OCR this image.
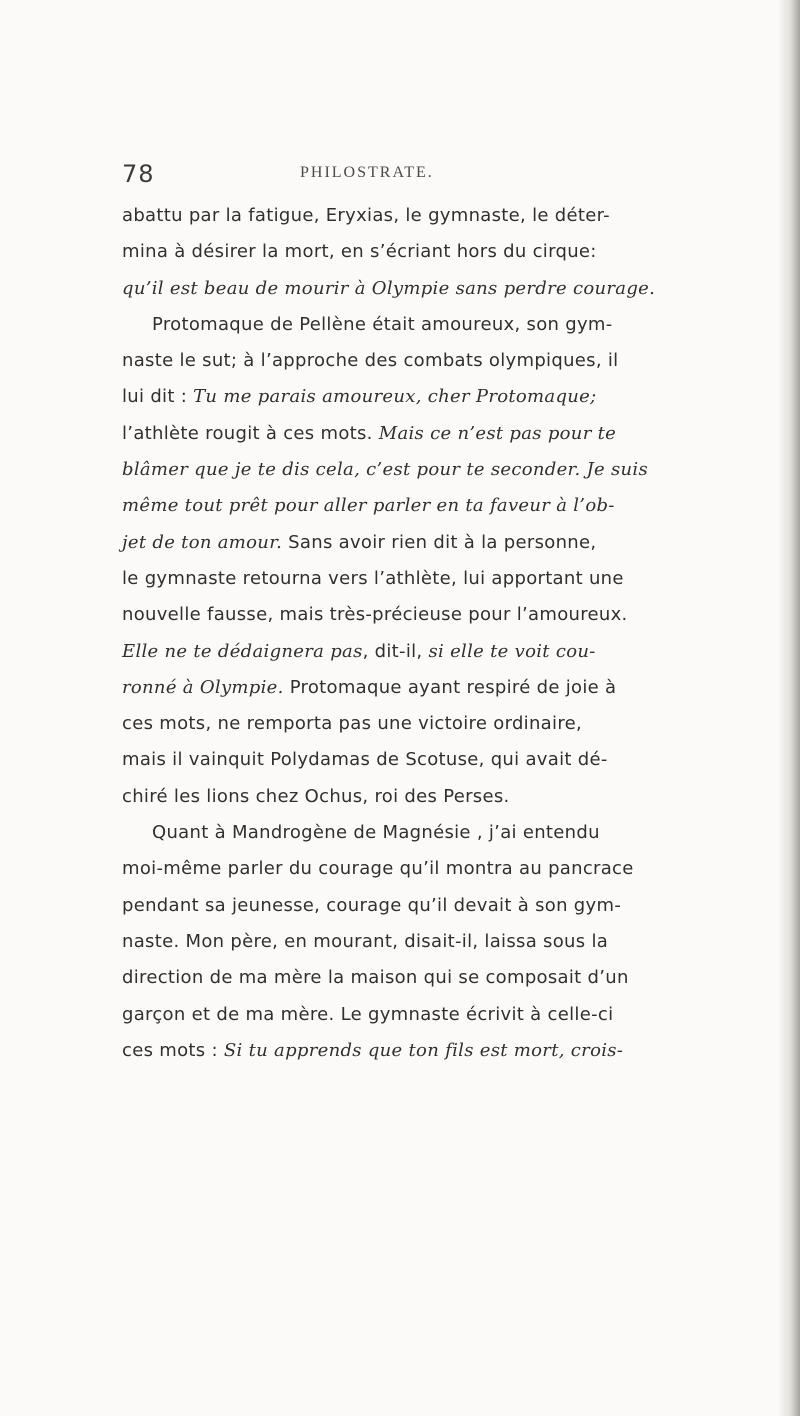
78	PHILOSTRATE.

abattu par la fatigue, Eryxias, le gymnaste, le déter-
mina à désirer la mort, en s’écriant hors du cirque:
qu’il est beau de mourir à Olympie sans perdre courage.
Protomaque de Pellène était amoureux, son gym-
naste le sut; à l’approche des combats olympiques, il
lui dit : Tu me parais amoureux, cher Protomaque;
l’athlète rougit à ces mots. Mais ce n’est pas pour te
blâmer que je te dis cela, c’est pour te seconder. Je suis
même tout prêt pour aller parler en ta faveur à l’ob-
jet de ton amour. Sans avoir rien dit à la personne,
le gymnaste retourna vers l’athlète, lui apportant une
nouvelle fausse, mais très-précieuse pour l’amoureux.
Elle ne te dédaignera pas, dit-il, si elle te voit cou-
ronné à Olympie. Protomaque ayant respiré de joie à
ces mots, ne remporta pas une victoire ordinaire,
mais il vainquit Polydamas de Scotuse, qui avait dé-
chiré les lions chez Ochus, roi des Perses.
Quant à Mandrogène de Magnésie , j’ai entendu
moi-même parler du courage qu’il montra au pancrace
pendant sa jeunesse, courage qu’il devait à son gym-
naste. Mon père, en mourant, disait-il, laissa sous la
direction de ma mère la maison qui se composait d’un
garçon et de ma mère. Le gymnaste écrivit à celle-ci
ces mots : Si tu apprends que ton fils est mort, crois-
